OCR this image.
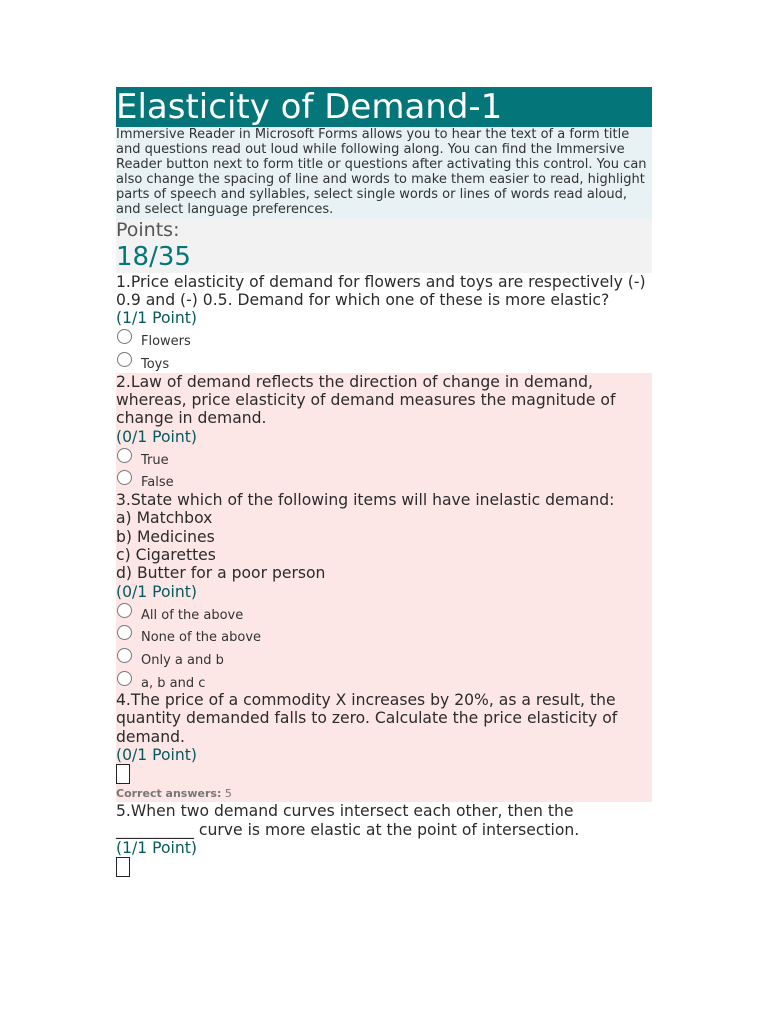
Elasticity of Demand-1
Immersive Reader in Microsoft Forms allows you to hear the text of a form title and questions read out loud while following along. You can find the Immersive Reader button next to form title or questions after activating this control. You can also change the spacing of line and words to make them easier to read, highlight parts of speech and syllables, select single words or lines of words read aloud, and select language preferences.
Points:
18/35
1.Price elasticity of demand for flowers and toys are respectively (-) 0.9 and (-) 0.5. Demand for which one of these is more elastic?
(1/1 Point)
Flowers
Toys
2.Law of demand reflects the direction of change in demand, whereas, price elasticity of demand measures the magnitude of change in demand.
(0/1 Point)
True
False
3.State which of the following items will have inelastic demand:
a) Matchbox
b) Medicines
c) Cigarettes
d) Butter for a poor person
(0/1 Point)
All of the above
None of the above
Only a and b
a, b and c
4.The price of a commodity X increases by 20%, as a result, the quantity demanded falls to zero. Calculate the price elasticity of demand.
(0/1 Point)
Correct answers: 5
5.When two demand curves intersect each other, then the __________ curve is more elastic at the point of intersection.
(1/1 Point)
